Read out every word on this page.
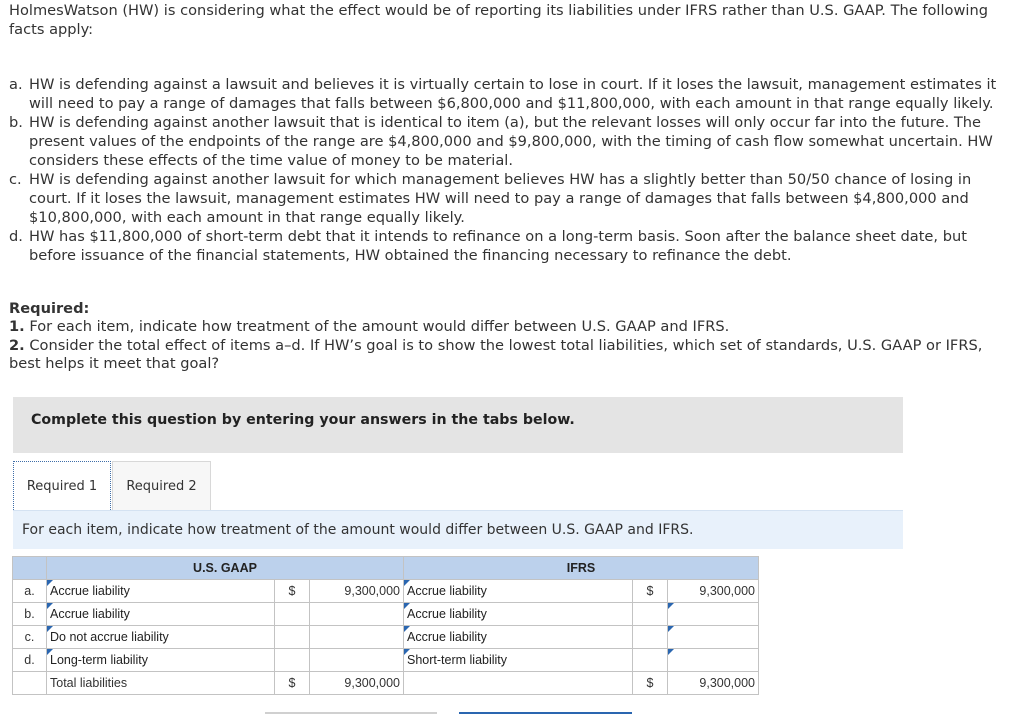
HolmesWatson (HW) is considering what the effect would be of reporting its liabilities under IFRS rather than U.S. GAAP. The following facts apply:

a. HW is defending against a lawsuit and believes it is virtually certain to lose in court. If it loses the lawsuit, management estimates it will need to pay a range of damages that falls between $6,800,000 and $11,800,000, with each amount in that range equally likely.
b. HW is defending against another lawsuit that is identical to item (a), but the relevant losses will only occur far into the future. The present values of the endpoints of the range are $4,800,000 and $9,800,000, with the timing of cash flow somewhat uncertain. HW considers these effects of the time value of money to be material.
c. HW is defending against another lawsuit for which management believes HW has a slightly better than 50/50 chance of losing in court. If it loses the lawsuit, management estimates HW will need to pay a range of damages that falls between $4,800,000 and $10,800,000, with each amount in that range equally likely.
d. HW has $11,800,000 of short-term debt that it intends to refinance on a long-term basis. Soon after the balance sheet date, but before issuance of the financial statements, HW obtained the financing necessary to refinance the debt.

Required:

1. For each item, indicate how treatment of the amount would differ between U.S. GAAP and IFRS.

2. Consider the total effect of items a–d. If HW’s goal is to show the lowest total liabilities, which set of standards, U.S. GAAP or IFRS, best helps it meet that goal?

Complete this question by entering your answers in the tabs below.
Required 1	Required 2
For each item, indicate how treatment of the amount would differ between U.S. GAAP and IFRS.
	U.S. GAAP			IFRS		
a.	Accrue liability	$	9,300,000	Accrue liability	$	9,300,000
b.	Accrue liability			Accrue liability		
c.	Do not accrue liability			Accrue liability		
d.	Long-term liability			Short-term liability		
	Total liabilities	$	9,300,000		$	9,300,000
